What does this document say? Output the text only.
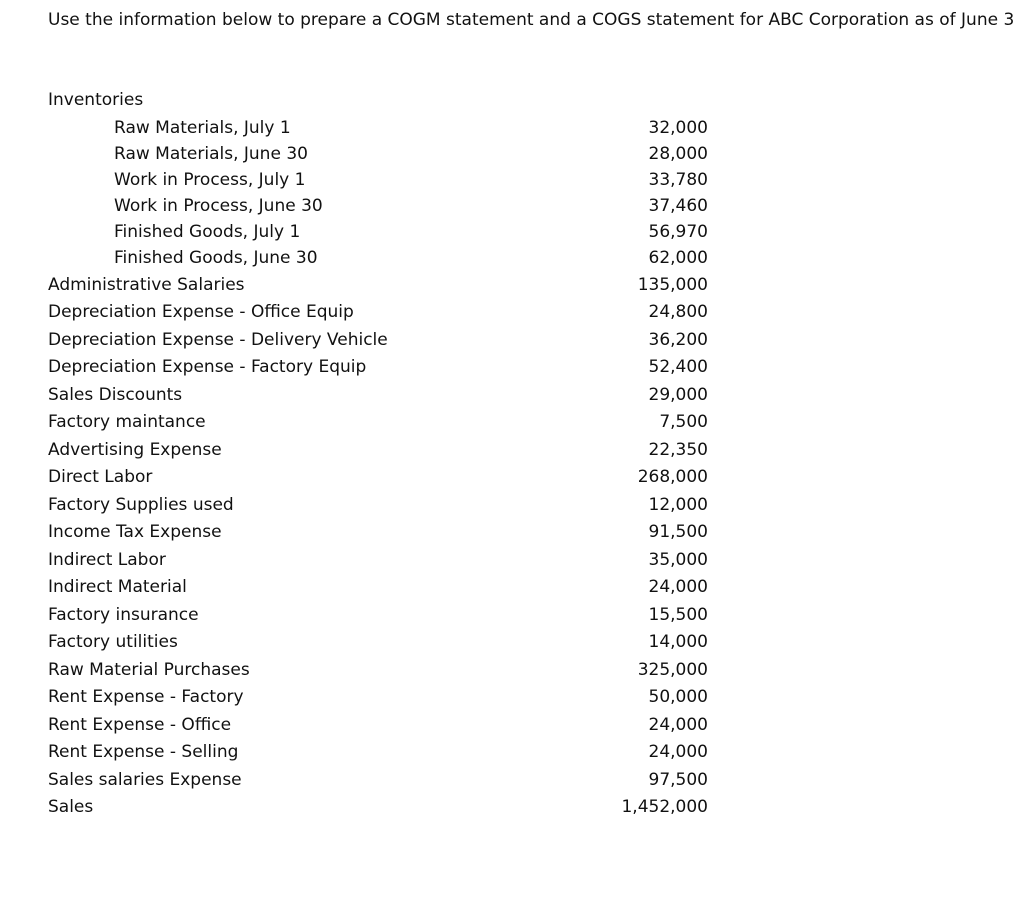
Use the information below to prepare a COGM statement and a COGS statement for ABC Corporation as of June 3
Inventories
Raw Materials, July 1	32,000
Raw Materials, June 30	28,000
Work in Process, July 1	33,780
Work in Process, June 30	37,460
Finished Goods, July 1	56,970
Finished Goods, June 30	62,000
Administrative Salaries	135,000
Depreciation Expense - Office Equip	24,800
Depreciation Expense - Delivery Vehicle	36,200
Depreciation Expense - Factory Equip	52,400
Sales Discounts	29,000
Factory maintance	7,500
Advertising Expense	22,350
Direct Labor	268,000
Factory Supplies used	12,000
Income Tax Expense	91,500
Indirect Labor	35,000
Indirect Material	24,000
Factory insurance	15,500
Factory utilities	14,000
Raw Material Purchases	325,000
Rent Expense - Factory	50,000
Rent Expense - Office	24,000
Rent Expense - Selling	24,000
Sales salaries Expense	97,500
Sales	1,452,000
